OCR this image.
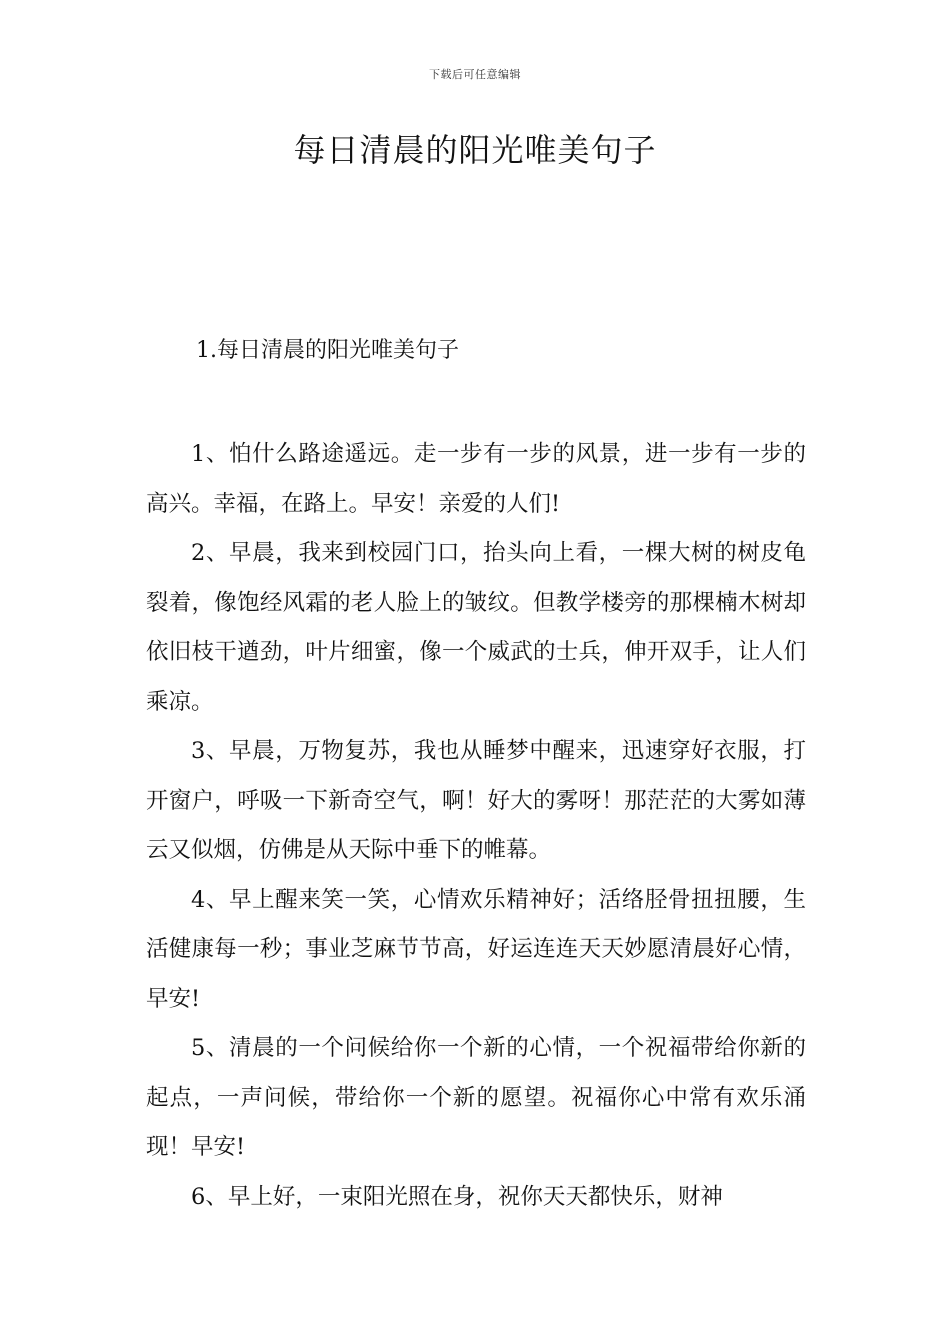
下载后可任意编辑
每日清晨的阳光唯美句子
1.每日清晨的阳光唯美句子

1、怕什么路途遥远。走一步有一步的风景，进一步有一步的高兴。幸福，在路上。早安！亲爱的人们!

2、早晨，我来到校园门口，抬头向上看，一棵大树的树皮龟裂着，像饱经风霜的老人脸上的皱纹。但教学楼旁的那棵楠木树却依旧枝干遒劲，叶片细蜜，像一个威武的士兵，伸开双手，让人们乘凉。

3、早晨，万物复苏，我也从睡梦中醒来，迅速穿好衣服，打开窗户，呼吸一下新奇空气，啊！好大的雾呀！那茫茫的大雾如薄云又似烟，仿佛是从天际中垂下的帷幕。

4、早上醒来笑一笑，心情欢乐精神好；活络胫骨扭扭腰，生活健康每一秒；事业芝麻节节高，好运连连天天妙愿清晨好心情，早安!

5、清晨的一个问候给你一个新的心情，一个祝福带给你新的起点，一声问候，带给你一个新的愿望。祝福你心中常有欢乐涌现！早安!

6、早上好，一束阳光照在身，祝你天天都快乐，财神
